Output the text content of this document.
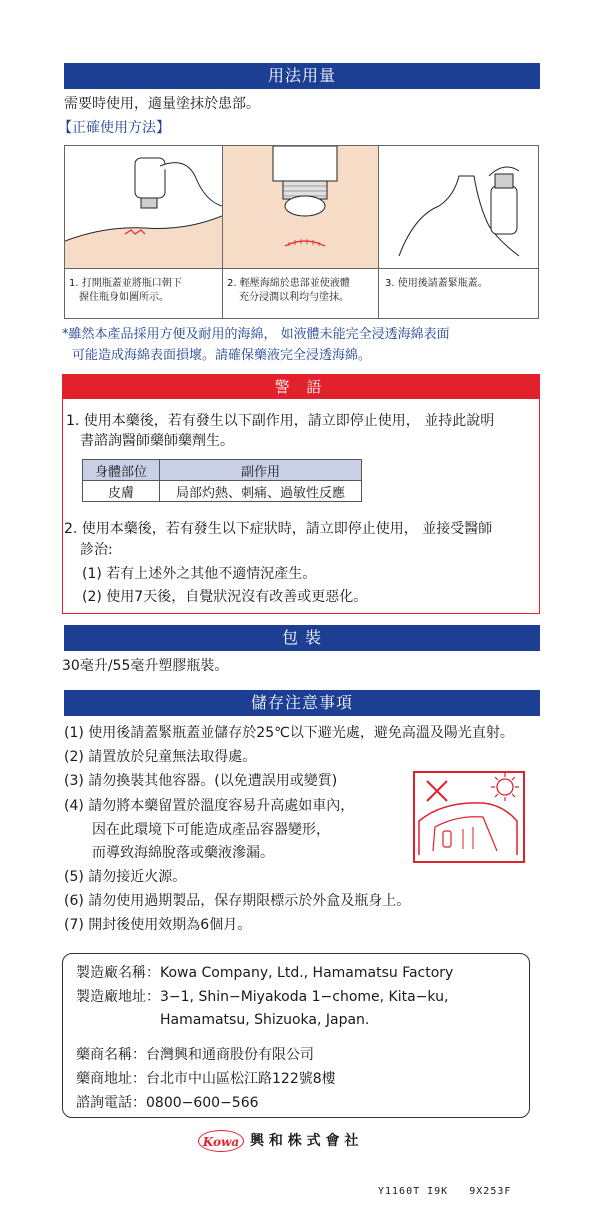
用法用量
需要時使用，適量塗抹於患部。
【正確使用方法】
1. 打開瓶蓋並將瓶口朝下
握住瓶身如圖所示。
2. 輕壓海綿於患部並使液體
充分浸潤以利均勻塗抹。
3. 使用後請蓋緊瓶蓋。
*雖然本產品採用方便及耐用的海綿， 如液體未能完全浸透海綿表面
可能造成海綿表面損壞。請確保藥液完全浸透海綿。
警 語
1. 使用本藥後，若有發生以下副作用，請立即停止使用， 並持此說明
書諮詢醫師藥師藥劑生。
身體部位	副作用
皮膚	局部灼熱、刺痛、過敏性反應
2. 使用本藥後，若有發生以下症狀時，請立即停止使用， 並接受醫師
診治:
(1) 若有上述外之其他不適情況產生。
(2) 使用7天後，自覺狀況沒有改善或更惡化。
包 裝
30毫升/55毫升塑膠瓶裝。
儲存注意事項
(1) 使用後請蓋緊瓶蓋並儲存於25℃以下避光處，避免高溫及陽光直射。
(2) 請置放於兒童無法取得處。
(3) 請勿換裝其他容器。(以免遭誤用或變質)
(4) 請勿將本藥留置於溫度容易升高處如車內，
因在此環境下可能造成產品容器變形，
而導致海綿脫落或藥液滲漏。
(5) 請勿接近火源。
(6) 請勿使用過期製品，保存期限標示於外盒及瓶身上。
(7) 開封後使用效期為6個月。
製造廠名稱：Kowa Company, Ltd., Hamamatsu Factory
製造廠地址：3−1, Shin−Miyakoda 1−chome, Kita−ku,
Hamamatsu, Shizuoka, Japan.
藥商名稱：台灣興和通商股份有限公司
藥商地址：台北市中山區松江路122號8樓
諮詢電話：0800−600−566
Kowa 興 和 株 式 會 社
Y1160T I9K   9X253F
